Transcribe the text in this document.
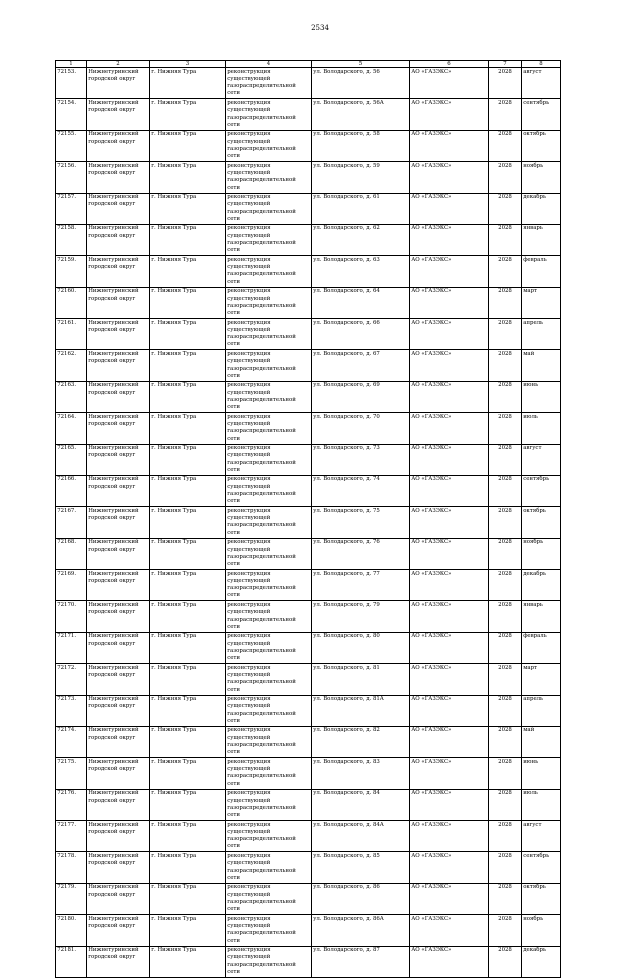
2534
1	2	3	4	5	6	7	8
72153.	Нижнетуринский городской округ	г. Нижняя Тура	реконструкция существующей газораспределительной сети	ул. Володарского, д. 56	АО «ГАЗЭКС»	2028	август
72154.	Нижнетуринский городской округ	г. Нижняя Тура	реконструкция существующей газораспределительной сети	ул. Володарского, д. 56А	АО «ГАЗЭКС»	2028	сентябрь
72155.	Нижнетуринский городской округ	г. Нижняя Тура	реконструкция существующей газораспределительной сети	ул. Володарского, д. 58	АО «ГАЗЭКС»	2028	октябрь
72156.	Нижнетуринский городской округ	г. Нижняя Тура	реконструкция существующей газораспределительной сети	ул. Володарского, д. 59	АО «ГАЗЭКС»	2028	ноябрь
72157.	Нижнетуринский городской округ	г. Нижняя Тура	реконструкция существующей газораспределительной сети	ул. Володарского, д. 61	АО «ГАЗЭКС»	2028	декабрь
72158.	Нижнетуринский городской округ	г. Нижняя Тура	реконструкция существующей газораспределительной сети	ул. Володарского, д. 62	АО «ГАЗЭКС»	2028	январь
72159.	Нижнетуринский городской округ	г. Нижняя Тура	реконструкция существующей газораспределительной сети	ул. Володарского, д. 63	АО «ГАЗЭКС»	2028	февраль
72160.	Нижнетуринский городской округ	г. Нижняя Тура	реконструкция существующей газораспределительной сети	ул. Володарского, д. 64	АО «ГАЗЭКС»	2028	март
72161.	Нижнетуринский городской округ	г. Нижняя Тура	реконструкция существующей газораспределительной сети	ул. Володарского, д. 66	АО «ГАЗЭКС»	2028	апрель
72162.	Нижнетуринский городской округ	г. Нижняя Тура	реконструкция существующей газораспределительной сети	ул. Володарского, д. 67	АО «ГАЗЭКС»	2028	май
72163.	Нижнетуринский городской округ	г. Нижняя Тура	реконструкция существующей газораспределительной сети	ул. Володарского, д. 69	АО «ГАЗЭКС»	2028	июнь
72164.	Нижнетуринский городской округ	г. Нижняя Тура	реконструкция существующей газораспределительной сети	ул. Володарского, д. 70	АО «ГАЗЭКС»	2028	июль
72165.	Нижнетуринский городской округ	г. Нижняя Тура	реконструкция существующей газораспределительной сети	ул. Володарского, д. 73	АО «ГАЗЭКС»	2028	август
72166.	Нижнетуринский городской округ	г. Нижняя Тура	реконструкция существующей газораспределительной сети	ул. Володарского, д. 74	АО «ГАЗЭКС»	2028	сентябрь
72167.	Нижнетуринский городской округ	г. Нижняя Тура	реконструкция существующей газораспределительной сети	ул. Володарского, д. 75	АО «ГАЗЭКС»	2028	октябрь
72168.	Нижнетуринский городской округ	г. Нижняя Тура	реконструкция существующей газораспределительной сети	ул. Володарского, д. 76	АО «ГАЗЭКС»	2028	ноябрь
72169.	Нижнетуринский городской округ	г. Нижняя Тура	реконструкция существующей газораспределительной сети	ул. Володарского, д. 77	АО «ГАЗЭКС»	2028	декабрь
72170.	Нижнетуринский городской округ	г. Нижняя Тура	реконструкция существующей газораспределительной сети	ул. Володарского, д. 79	АО «ГАЗЭКС»	2028	январь
72171.	Нижнетуринский городской округ	г. Нижняя Тура	реконструкция существующей газораспределительной сети	ул. Володарского, д. 80	АО «ГАЗЭКС»	2028	февраль
72172.	Нижнетуринский городской округ	г. Нижняя Тура	реконструкция существующей газораспределительной сети	ул. Володарского, д. 81	АО «ГАЗЭКС»	2028	март
72173.	Нижнетуринский городской округ	г. Нижняя Тура	реконструкция существующей газораспределительной сети	ул. Володарского, д. 81А	АО «ГАЗЭКС»	2028	апрель
72174.	Нижнетуринский городской округ	г. Нижняя Тура	реконструкция существующей газораспределительной сети	ул. Володарского, д. 82	АО «ГАЗЭКС»	2028	май
72175.	Нижнетуринский городской округ	г. Нижняя Тура	реконструкция существующей газораспределительной сети	ул. Володарского, д. 83	АО «ГАЗЭКС»	2028	июнь
72176.	Нижнетуринский городской округ	г. Нижняя Тура	реконструкция существующей газораспределительной сети	ул. Володарского, д. 84	АО «ГАЗЭКС»	2028	июль
72177.	Нижнетуринский городской округ	г. Нижняя Тура	реконструкция существующей газораспределительной сети	ул. Володарского, д. 84А	АО «ГАЗЭКС»	2028	август
72178.	Нижнетуринский городской округ	г. Нижняя Тура	реконструкция существующей газораспределительной сети	ул. Володарского, д. 85	АО «ГАЗЭКС»	2028	сентябрь
72179.	Нижнетуринский городской округ	г. Нижняя Тура	реконструкция существующей газораспределительной сети	ул. Володарского, д. 86	АО «ГАЗЭКС»	2028	октябрь
72180.	Нижнетуринский городской округ	г. Нижняя Тура	реконструкция существующей газораспределительной сети	ул. Володарского, д. 86А	АО «ГАЗЭКС»	2028	ноябрь
72181.	Нижнетуринский городской округ	г. Нижняя Тура	реконструкция существующей газораспределительной сети	ул. Володарского, д. 87	АО «ГАЗЭКС»	2028	декабрь
